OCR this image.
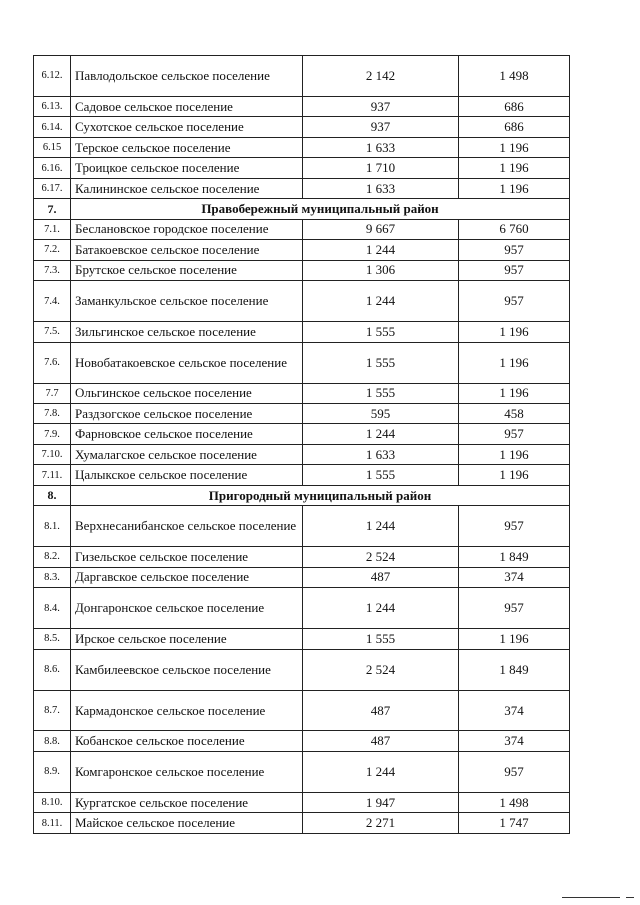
6.12.	Павлодольское сельское поселение	2 142	1 498
6.13.	Садовое сельское поселение	937	686
6.14.	Сухотское сельское поселение	937	686
6.15	Терское сельское поселение	1 633	1 196
6.16.	Троицкое сельское поселение	1 710	1 196
6.17.	Калининское сельское поселение	1 633	1 196
7.	Правобережный муниципальный район		
7.1.	Беслановское городское поселение	9 667	6 760
7.2.	Батакоевское сельское поселение	1 244	957
7.3.	Брутское сельское поселение	1 306	957
7.4.	Заманкульское сельское поселение	1 244	957
7.5.	Зильгинское сельское поселение	1 555	1 196
7.6.	Новобатакоевское сельское поселение	1 555	1 196
7.7	Ольгинское сельское поселение	1 555	1 196
7.8.	Раздзогское сельское поселение	595	458
7.9.	Фарновское сельское поселение	1 244	957
7.10.	Хумалагское сельское поселение	1 633	1 196
7.11.	Цалыкское сельское поселение	1 555	1 196
8.	Пригородный муниципальный район		
8.1.	Верхнесанибанское сельское поселение	1 244	957
8.2.	Гизельское сельское поселение	2 524	1 849
8.3.	Даргавское сельское поселение	487	374
8.4.	Донгаронское сельское поселение	1 244	957
8.5.	Ирское сельское поселение	1 555	1 196
8.6.	Камбилеевское сельское поселение	2 524	1 849
8.7.	Кармадонское сельское поселение	487	374
8.8.	Кобанское сельское поселение	487	374
8.9.	Комгаронское сельское поселение	1 244	957
8.10.	Кургатское сельское поселение	1 947	1 498
8.11.	Майское сельское поселение	2 271	1 747
